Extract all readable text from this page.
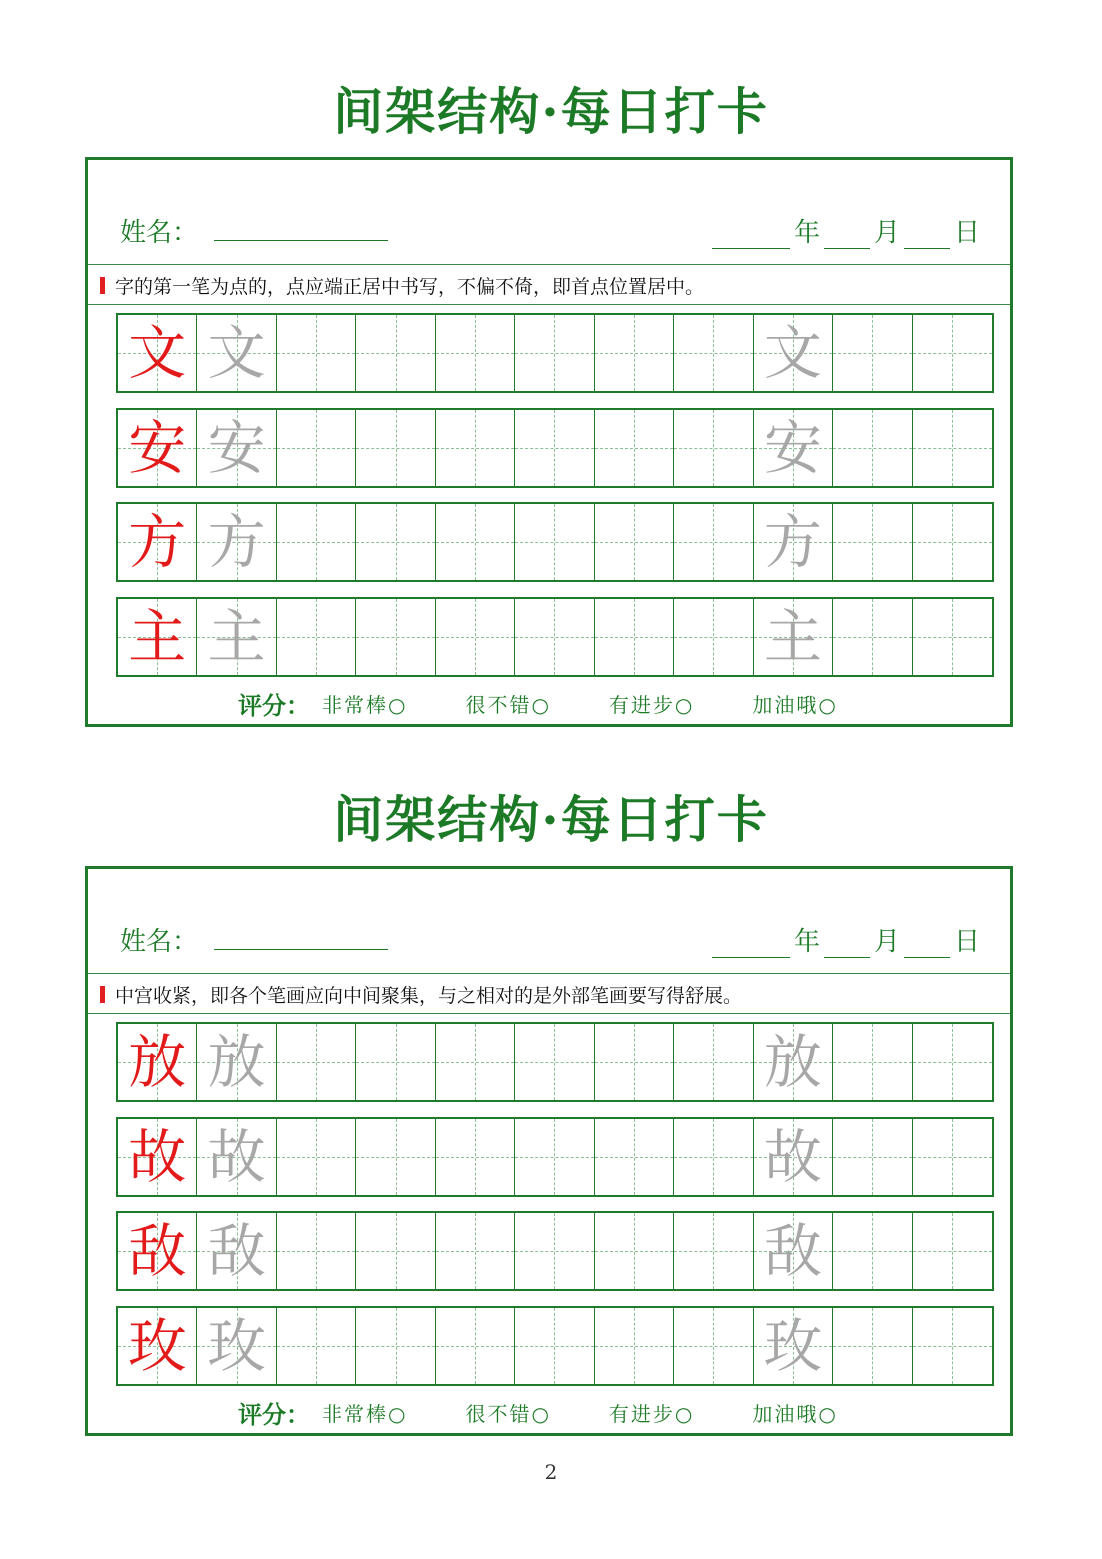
间架结构·每日打卡
姓名：	年 月 日
字的第一笔为点的，点应端正居中书写，不偏不倚，即首点位置居中。
文 文	文
安 安	安
方 方	方
主 主	主
评分： 非常棒○	很不错○	有进步○	加油哦○
间架结构·每日打卡
姓名：	年 月 日
中宫收紧，即各个笔画应向中间聚集，与之相对的是外部笔画要写得舒展。
放 放	放
故 故	故
敌 敌	敌
玫 玫	玫
评分： 非常棒○	很不错○	有进步○	加油哦○
2
